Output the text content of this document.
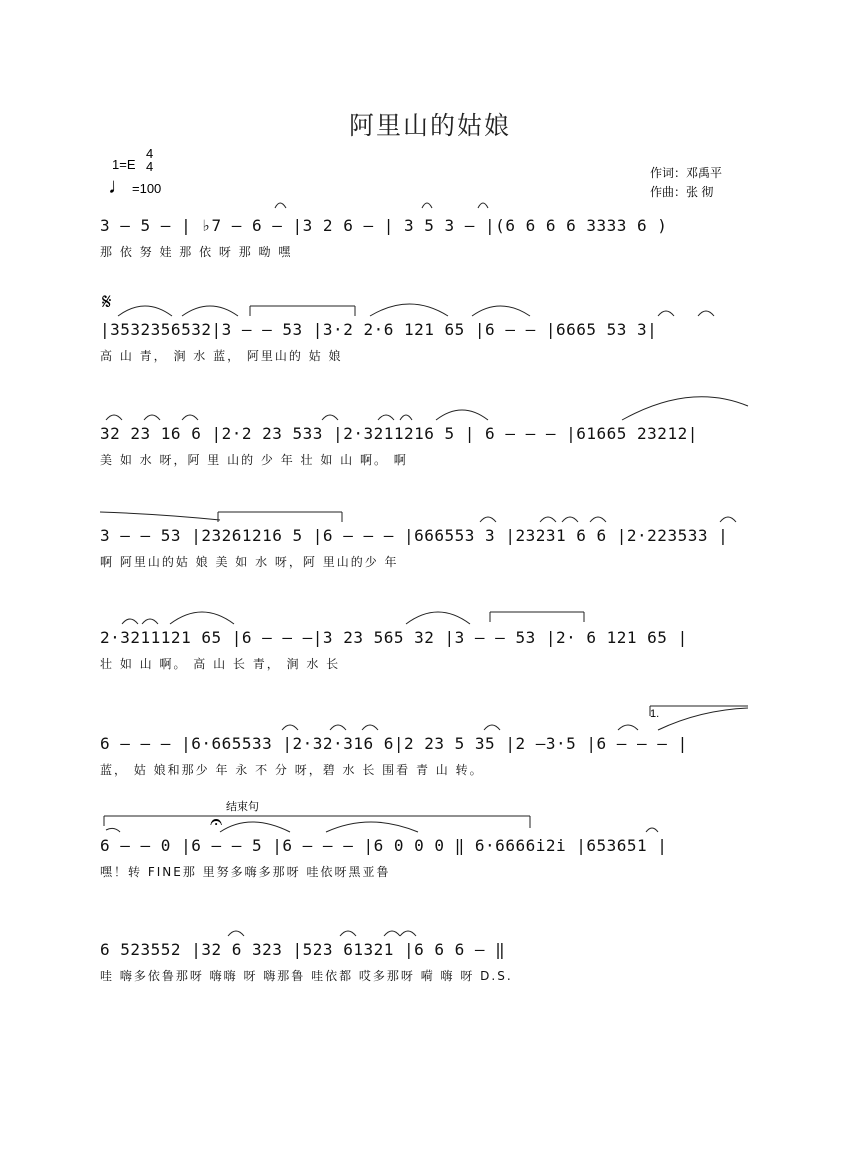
阿里山的姑娘
1=E
4
4
♩ =100
作词：邓禹平
作曲：张 彻
3 – 5 – | ♭7 – 6 – |3 2 6 – | 3 5 3 – |(6 6 6 6 3333 6 )
那 依 努 娃 那 依 呀 那 呦 嘿
𝄋
|3532356532|3 – – 53 |3·2 2·6 121 65 |6 – – |6665 53 3|
高 山 青， 涧 水 蓝， 阿里山的 姑 娘
32 23 16 6 |2·2 23 533 |2·3211216 5 | 6 – – – |61665 23212|
美 如 水 呀，阿 里 山的 少 年 壮 如 山 啊。 啊
3 – – 53 |23261216 5 |6 – – – |666553 3 |23231 6 6 |2·223533 |
啊 阿里山的姑 娘 美 如 水 呀，阿 里山的少 年
2·3211121 65 |6 – – –|3 23 565 32 |3 – – 53 |2· 6 121 65 |
壮 如 山 啊。 高 山 长 青， 涧 水 长
1.
6 – – – |6·665533 |2·32·316 6|2 23 5 35 |2 –3·5 |6 – – – |
蓝， 姑 娘和那少 年 永 不 分 呀，碧 水 长 围看 青 山 转。
结束句
𝄐
6 – – 0 |6 – – 5 |6 – – – |6 0 0 0 ‖ 6·6666i2i |653651 |
嘿！转 FINE那 里努多嗨多那呀 哇依呀黑亚鲁
6 523552 |32 6 323 |523 61321 |6 6 6 – ‖
哇 嗨多依鲁那呀 嗨嗨 呀 嗨那鲁 哇依都 哎多那呀 嗬 嗨 呀 D.S.
